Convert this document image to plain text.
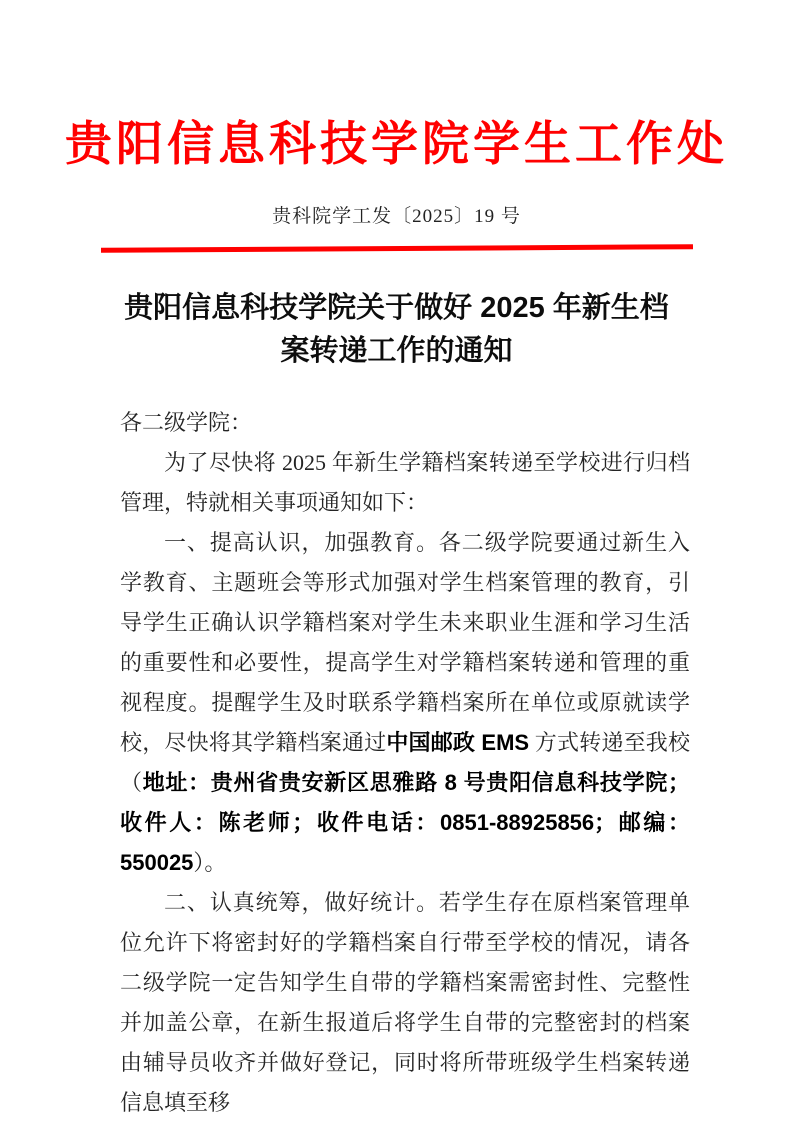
贵阳信息科技学院学生工作处
贵科院学工发〔2025〕19 号
贵阳信息科技学院关于做好 2025 年新生档案转递工作的通知

各二级学院：

为了尽快将 2025 年新生学籍档案转递至学校进行归档管理，特就相关事项通知如下：

一、提高认识，加强教育。各二级学院要通过新生入学教育、主题班会等形式加强对学生档案管理的教育，引导学生正确认识学籍档案对学生未来职业生涯和学习生活的重要性和必要性，提高学生对学籍档案转递和管理的重视程度。提醒学生及时联系学籍档案所在单位或原就读学校，尽快将其学籍档案通过中国邮政 EMS 方式转递至我校（地址：贵州省贵安新区思雅路 8 号贵阳信息科技学院；收件人：陈老师；收件电话：0851-88925856；邮编：550025）。

二、认真统筹，做好统计。若学生存在原档案管理单位允许下将密封好的学籍档案自行带至学校的情况，请各二级学院一定告知学生自带的学籍档案需密封性、完整性并加盖公章，在新生报道后将学生自带的完整密封的档案由辅导员收齐并做好登记，同时将所带班级学生档案转递信息填至移
